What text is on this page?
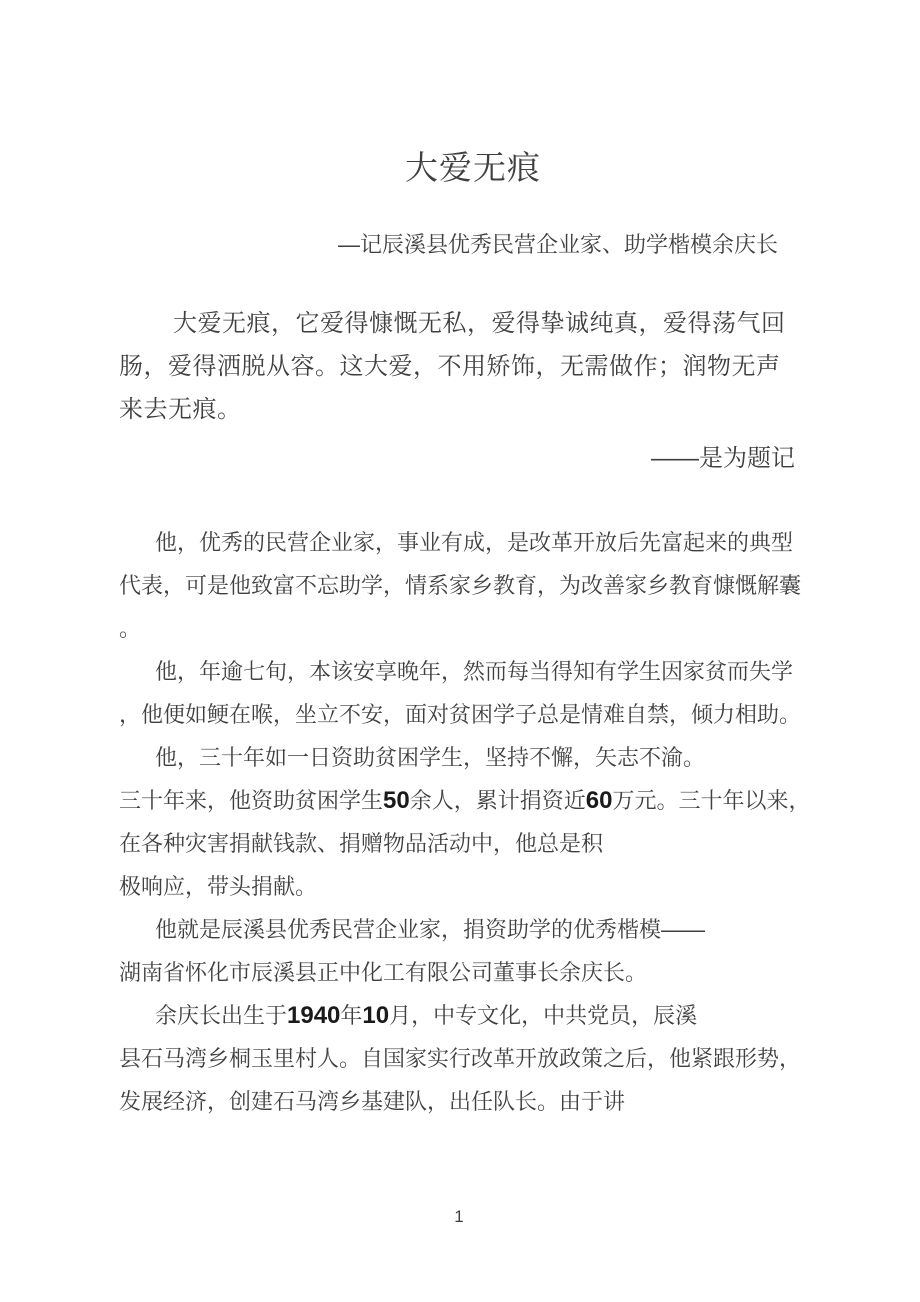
大爱无痕
—记辰溪县优秀民营企业家、助学楷模余庆长
大爱无痕，它爱得慷慨无私，爱得挚诚纯真，爱得荡气回
肠，爱得洒脱从容。这大爱，不用矫饰，无需做作；润物无声
来去无痕。
——是为题记
他，优秀的民营企业家，事业有成，是改革开放后先富起来的典型
代表，可是他致富不忘助学，情系家乡教育，为改善家乡教育慷慨解囊
。
他，年逾七旬，本该安享晚年，然而每当得知有学生因家贫而失学
，他便如鲠在喉，坐立不安，面对贫困学子总是情难自禁，倾力相助。
他，三十年如一日资助贫困学生，坚持不懈，矢志不渝。
三十年来，他资助贫困学生50余人，累计捐资近60万元。三十年以来，
在各种灾害捐献钱款、捐赠物品活动中，他总是积
极响应，带头捐献。
他就是辰溪县优秀民营企业家，捐资助学的优秀楷模——
湖南省怀化市辰溪县正中化工有限公司董事长余庆长。
余庆长出生于1940年10月，中专文化，中共党员，辰溪
县石马湾乡桐玉里村人。自国家实行改革开放政策之后，他紧跟形势，
发展经济，创建石马湾乡基建队，出任队长。由于讲
1
